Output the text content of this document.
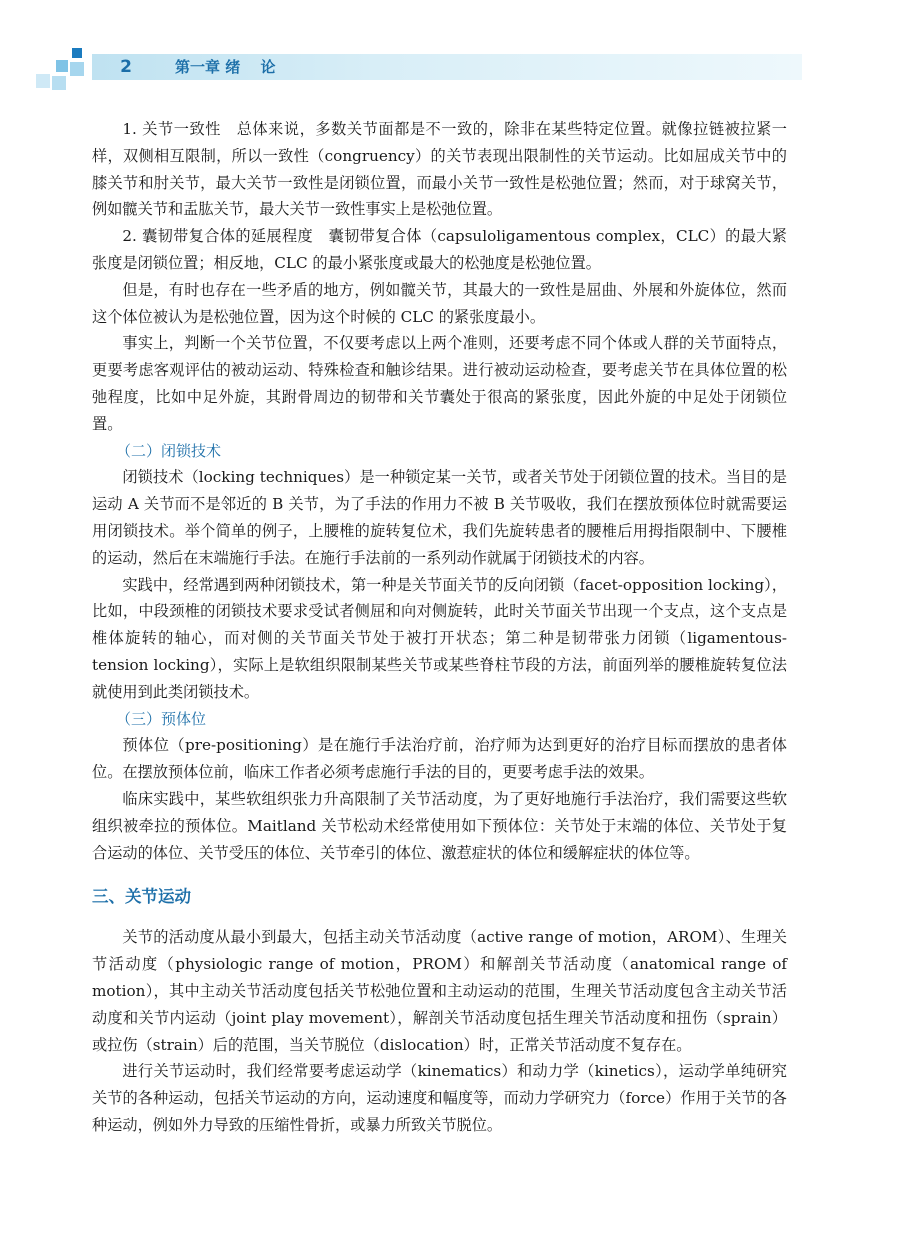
2	第一章 绪　 论

1. 关节一致性　总体来说，多数关节面都是不一致的，除非在某些特定位置。就像拉链被拉紧一样，双侧相互限制，所以一致性（congruency）的关节表现出限制性的关节运动。比如屈成关节中的膝关节和肘关节，最大关节一致性是闭锁位置，而最小关节一致性是松弛位置；然而，对于球窝关节，例如髋关节和盂肱关节，最大关节一致性事实上是松弛位置。

2. 囊韧带复合体的延展程度　囊韧带复合体（capsuloligamentous complex，CLC）的最大紧张度是闭锁位置；相反地，CLC 的最小紧张度或最大的松弛度是松弛位置。

但是，有时也存在一些矛盾的地方，例如髋关节，其最大的一致性是屈曲、外展和外旋体位，然而这个体位被认为是松弛位置，因为这个时候的 CLC 的紧张度最小。

事实上，判断一个关节位置，不仅要考虑以上两个准则，还要考虑不同个体或人群的关节面特点，更要考虑客观评估的被动运动、特殊检查和触诊结果。进行被动运动检查，要考虑关节在具体位置的松弛程度，比如中足外旋，其跗骨周边的韧带和关节囊处于很高的紧张度，因此外旋的中足处于闭锁位置。

（二）闭锁技术

闭锁技术（locking techniques）是一种锁定某一关节，或者关节处于闭锁位置的技术。当目的是运动 A 关节而不是邻近的 B 关节，为了手法的作用力不被 B 关节吸收，我们在摆放预体位时就需要运用闭锁技术。举个简单的例子，上腰椎的旋转复位术，我们先旋转患者的腰椎后用拇指限制中、下腰椎的运动，然后在末端施行手法。在施行手法前的一系列动作就属于闭锁技术的内容。

实践中，经常遇到两种闭锁技术，第一种是关节面关节的反向闭锁（facet-opposition locking），比如，中段颈椎的闭锁技术要求受试者侧屈和向对侧旋转，此时关节面关节出现一个支点，这个支点是椎体旋转的轴心，而对侧的关节面关节处于被打开状态；第二种是韧带张力闭锁（ligamentous-tension locking），实际上是软组织限制某些关节或某些脊柱节段的方法，前面列举的腰椎旋转复位法就使用到此类闭锁技术。

（三）预体位

预体位（pre-positioning）是在施行手法治疗前，治疗师为达到更好的治疗目标而摆放的患者体位。在摆放预体位前，临床工作者必须考虑施行手法的目的，更要考虑手法的效果。

临床实践中，某些软组织张力升高限制了关节活动度，为了更好地施行手法治疗，我们需要这些软组织被牵拉的预体位。Maitland 关节松动术经常使用如下预体位：关节处于末端的体位、关节处于复合运动的体位、关节受压的体位、关节牵引的体位、激惹症状的体位和缓解症状的体位等。

三、关节运动

关节的活动度从最小到最大，包括主动关节活动度（active range of motion，AROM）、生理关节活动度（physiologic range of motion，PROM）和解剖关节活动度（anatomical range of motion），其中主动关节活动度包括关节松弛位置和主动运动的范围，生理关节活动度包含主动关节活动度和关节内运动（joint play movement），解剖关节活动度包括生理关节活动度和扭伤（sprain）或拉伤（strain）后的范围，当关节脱位（dislocation）时，正常关节活动度不复存在。

进行关节运动时，我们经常要考虑运动学（kinematics）和动力学（kinetics），运动学单纯研究关节的各种运动，包括关节运动的方向，运动速度和幅度等，而动力学研究力（force）作用于关节的各种运动，例如外力导致的压缩性骨折，或暴力所致关节脱位。
